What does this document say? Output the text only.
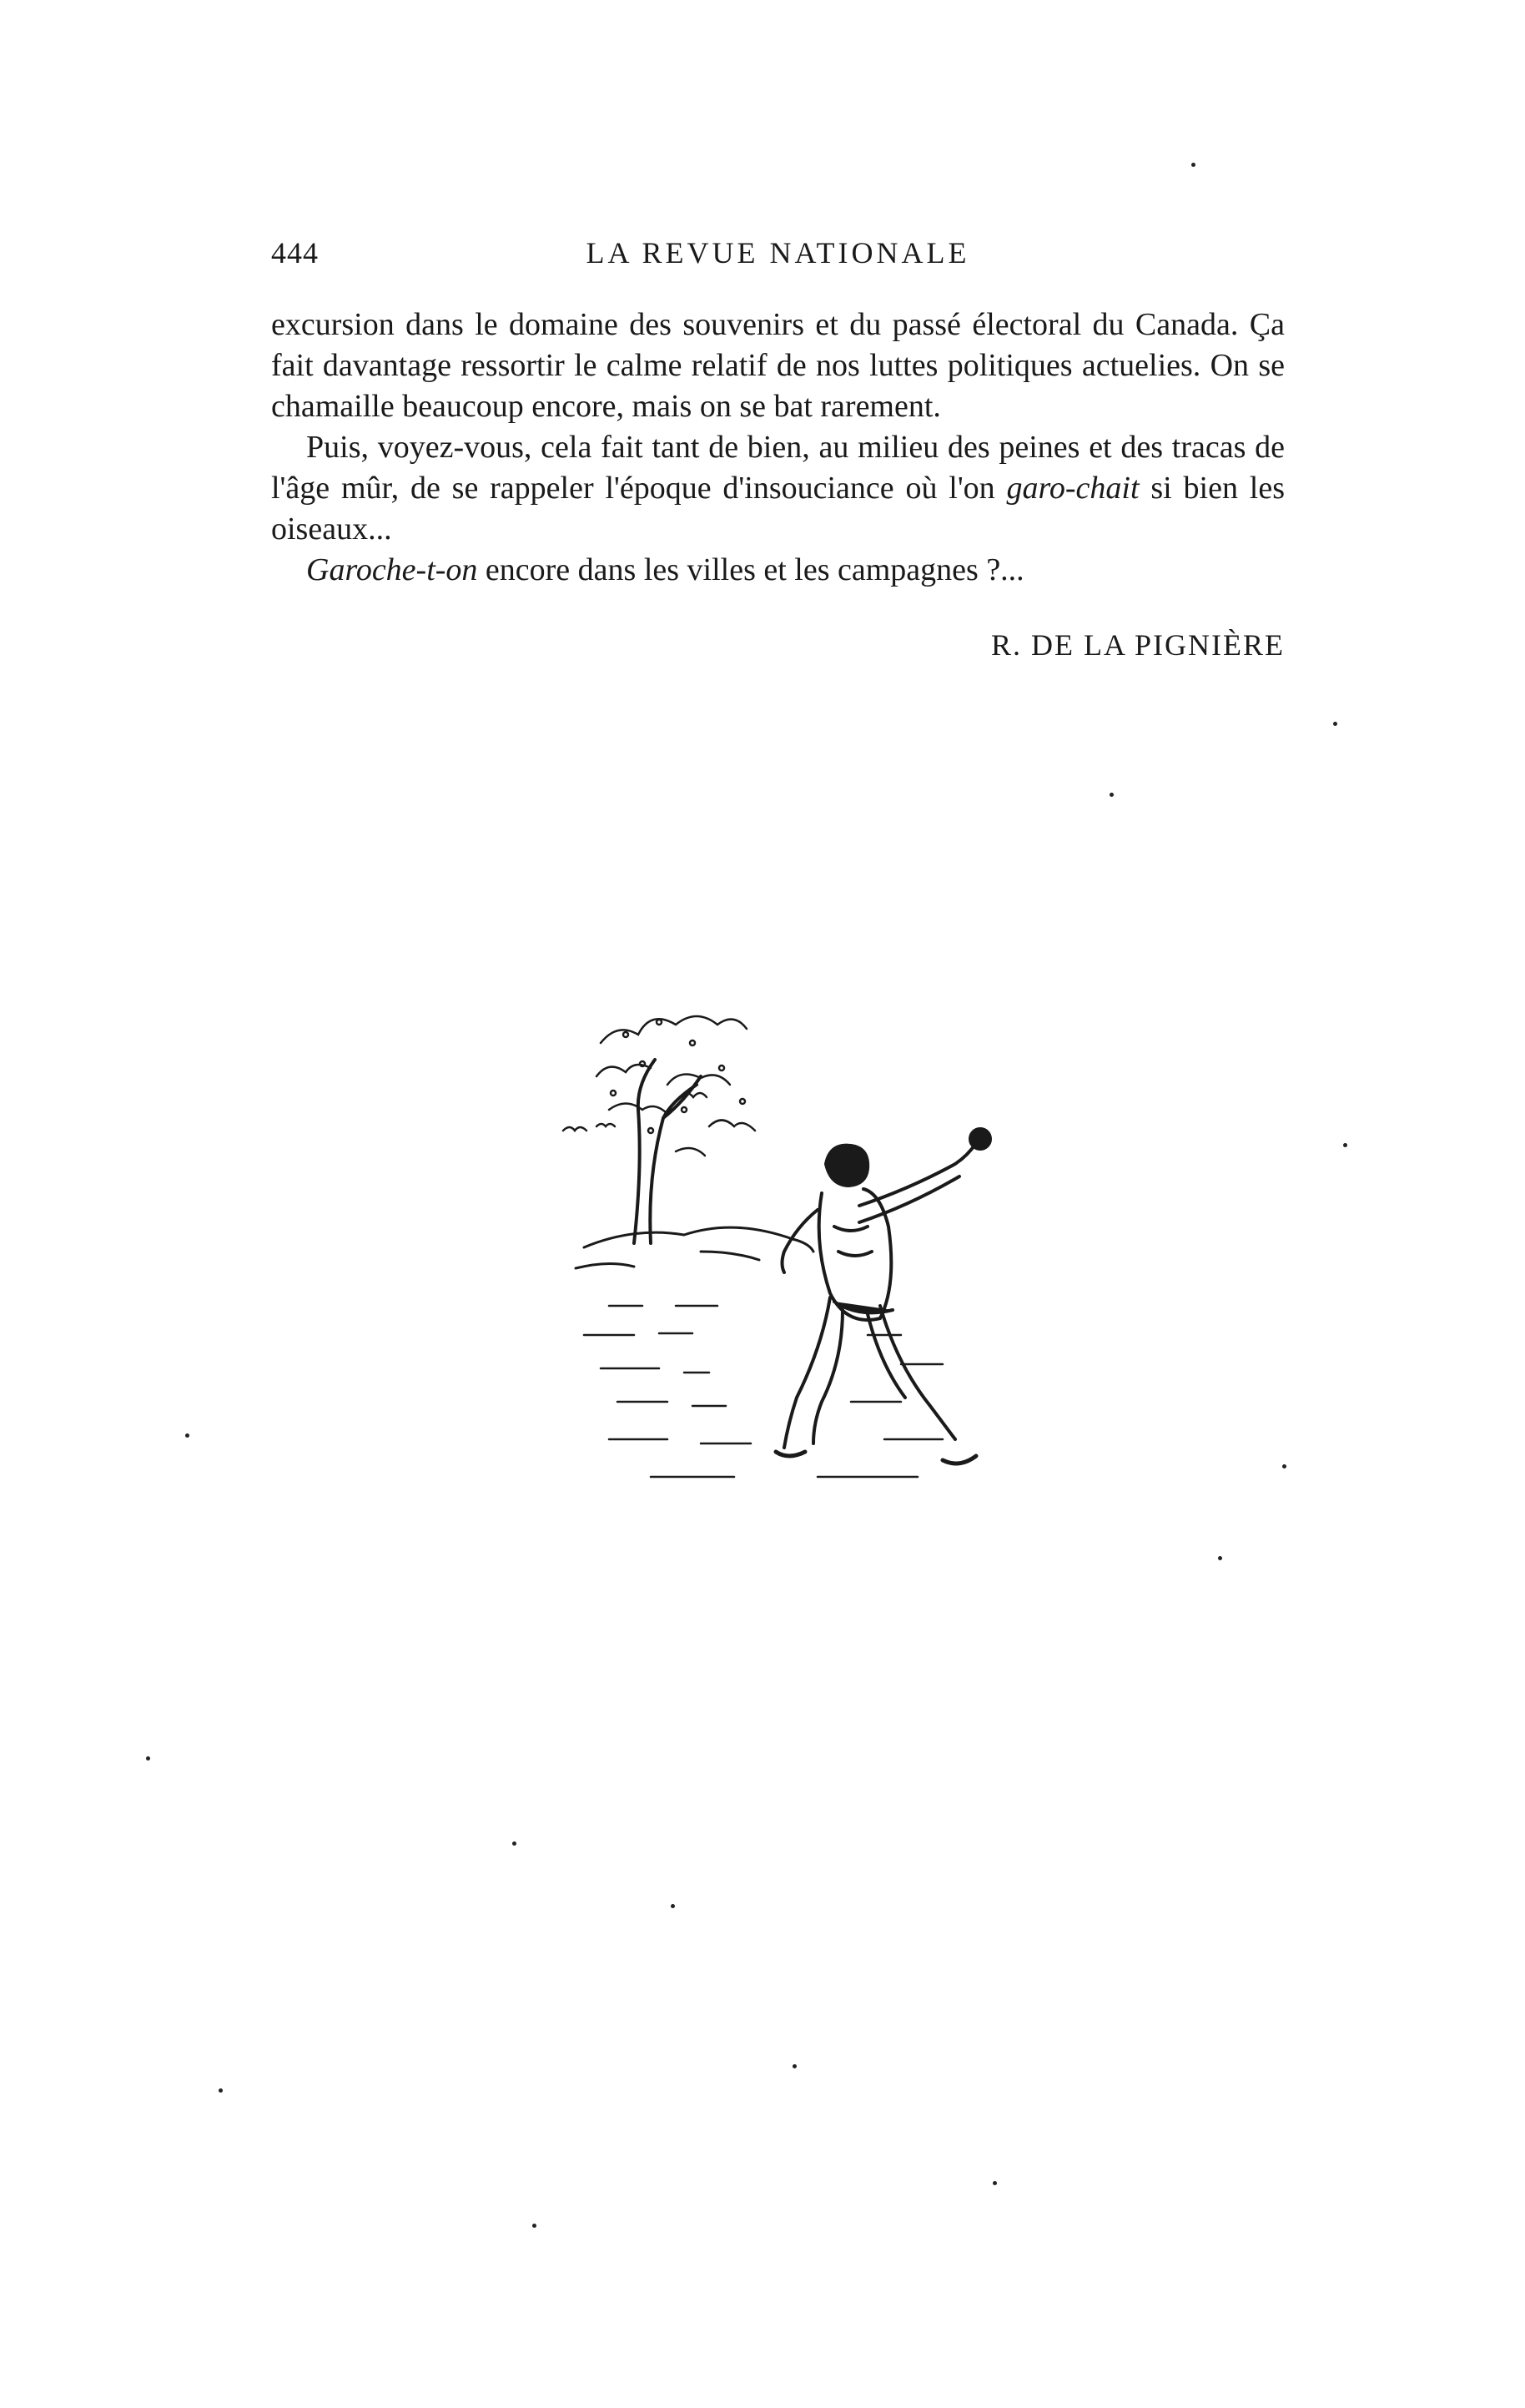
444	LA REVUE NATIONALE

excursion dans le domaine des souvenirs et du passé électoral du Canada. Ça fait davantage ressortir le calme relatif de nos luttes politiques actuelies. On se chamaille beaucoup encore, mais on se bat rarement.

Puis, voyez-vous, cela fait tant de bien, au milieu des peines et des tracas de l'âge mûr, de se rappeler l'époque d'insouciance où l'on garo-chait si bien les oiseaux...

Garoche-t-on encore dans les villes et les campagnes ?...

R. DE LA PIGNIÈRE
